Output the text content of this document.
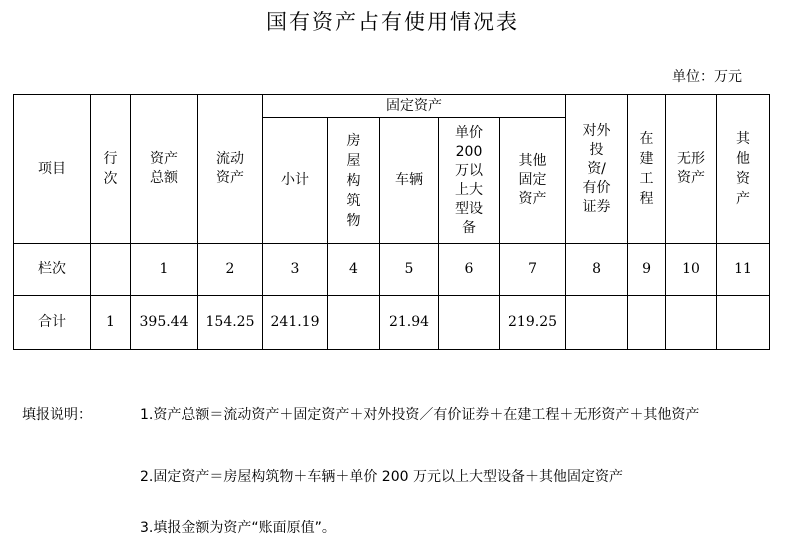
国有资产占有使用情况表
单位：万元
项目	行次	资产总额	流动资产	固定资产					对外投资/有价证券	在建工程	无形资产	其他资产
				小计	房屋构筑物	车辆	单价200万以上大型设备	其他固定资产				
栏次		1	2	3	4	5	6	7	8	9	10	11
合计	1	395.44	154.25	241.19		21.94		219.25				
填报说明：	1.资产总额＝流动资产＋固定资产＋对外投资／有价证券＋在建工程＋无形资产＋其他资产
2.固定资产＝房屋构筑物＋车辆＋单价 200 万元以上大型设备＋其他固定资产
3.填报金额为资产“账面原值”。
